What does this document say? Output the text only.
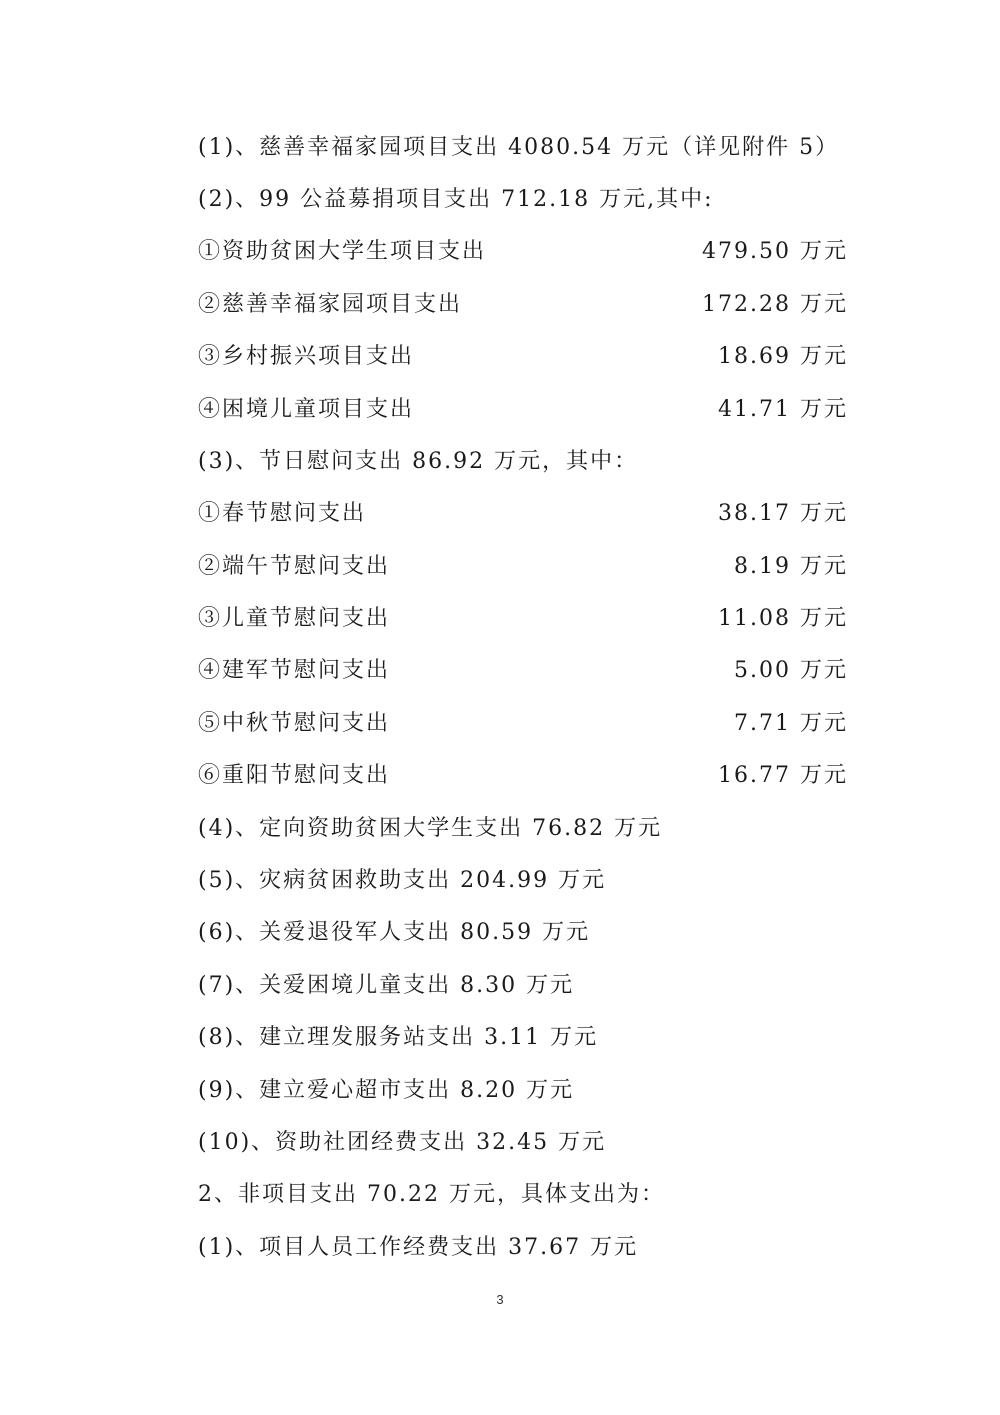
(1)、慈善幸福家园项目支出 4080.54 万元（详见附件 5）
(2)、99 公益募捐项目支出 712.18 万元,其中:
①资助贫困大学生项目支出	479.50 万元
②慈善幸福家园项目支出	172.28 万元
③乡村振兴项目支出	18.69 万元
④困境儿童项目支出	41.71 万元
(3)、节日慰问支出 86.92 万元，其中：
①春节慰问支出	38.17 万元
②端午节慰问支出	8.19 万元
③儿童节慰问支出	11.08 万元
④建军节慰问支出	5.00 万元
⑤中秋节慰问支出	7.71 万元
⑥重阳节慰问支出	16.77 万元
(4)、定向资助贫困大学生支出 76.82 万元
(5)、灾病贫困救助支出 204.99 万元
(6)、关爱退役军人支出 80.59 万元
(7)、关爱困境儿童支出 8.30 万元
(8)、建立理发服务站支出 3.11 万元
(9)、建立爱心超市支出 8.20 万元
(10)、资助社团经费支出 32.45 万元
2、非项目支出 70.22 万元，具体支出为：
(1)、项目人员工作经费支出 37.67 万元
3
